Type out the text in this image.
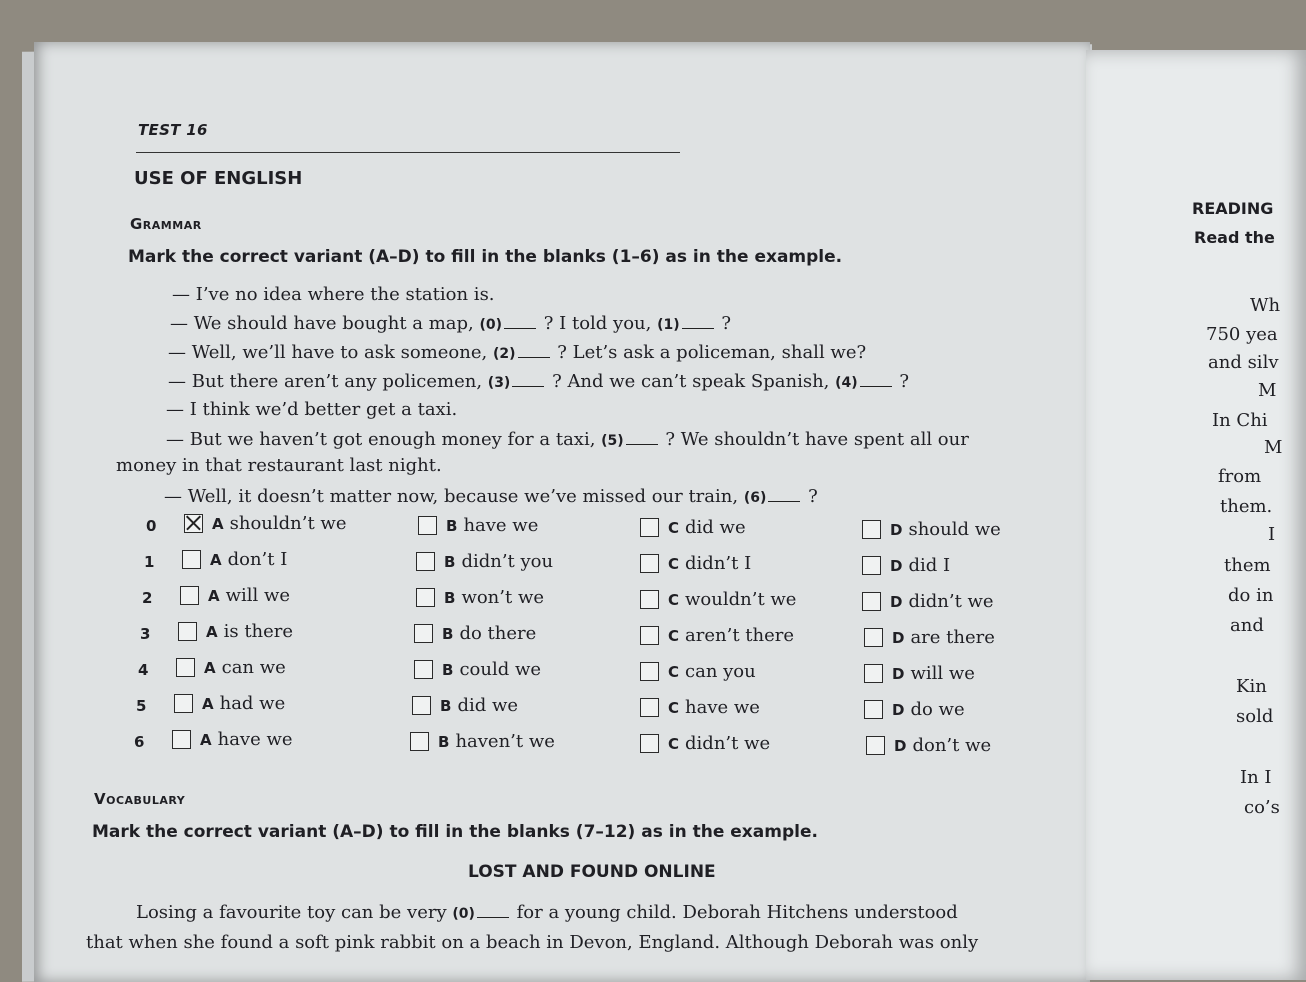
TEST 16
USE OF ENGLISH
Grammar
Mark the correct variant (A–D) to fill in the blanks (1–6) as in the example.
— I’ve no idea where the station is.
— We should have bought a map, (0) ? I told you, (1) ?
— Well, we’ll have to ask someone, (2) ? Let’s ask a policeman, shall we?
— But there aren’t any policemen, (3) ? And we can’t speak Spanish, (4) ?
— I think we’d better get a taxi.
— But we haven’t got enough money for a taxi, (5) ? We shouldn’t have spent all our
money in that restaurant last night.
— Well, it doesn’t matter now, because we’ve missed our train, (6) ?
0	A shouldn’t we	B have we	C did we	D should we
1	A don’t I	B didn’t you	C didn’t I	D did I
2	A will we	B won’t we	C wouldn’t we	D didn’t we
3	A is there	B do there	C aren’t there	D are there
4	A can we	B could we	C can you	D will we
5	A had we	B did we	C have we	D do we
6	A have we	B haven’t we	C didn’t we	D don’t we
Vocabulary
Mark the correct variant (A–D) to fill in the blanks (7–12) as in the example.
LOST AND FOUND ONLINE
Losing a favourite toy can be very (0) for a young child. Deborah Hitchens understood
that when she found a soft pink rabbit on a beach in Devon, England. Although Deborah was only
READING
Read the
Wh
750 yea
and silv
M
In Chi
M
from
them.
I
them
do in
and
Kin
sold
In I
co’s
